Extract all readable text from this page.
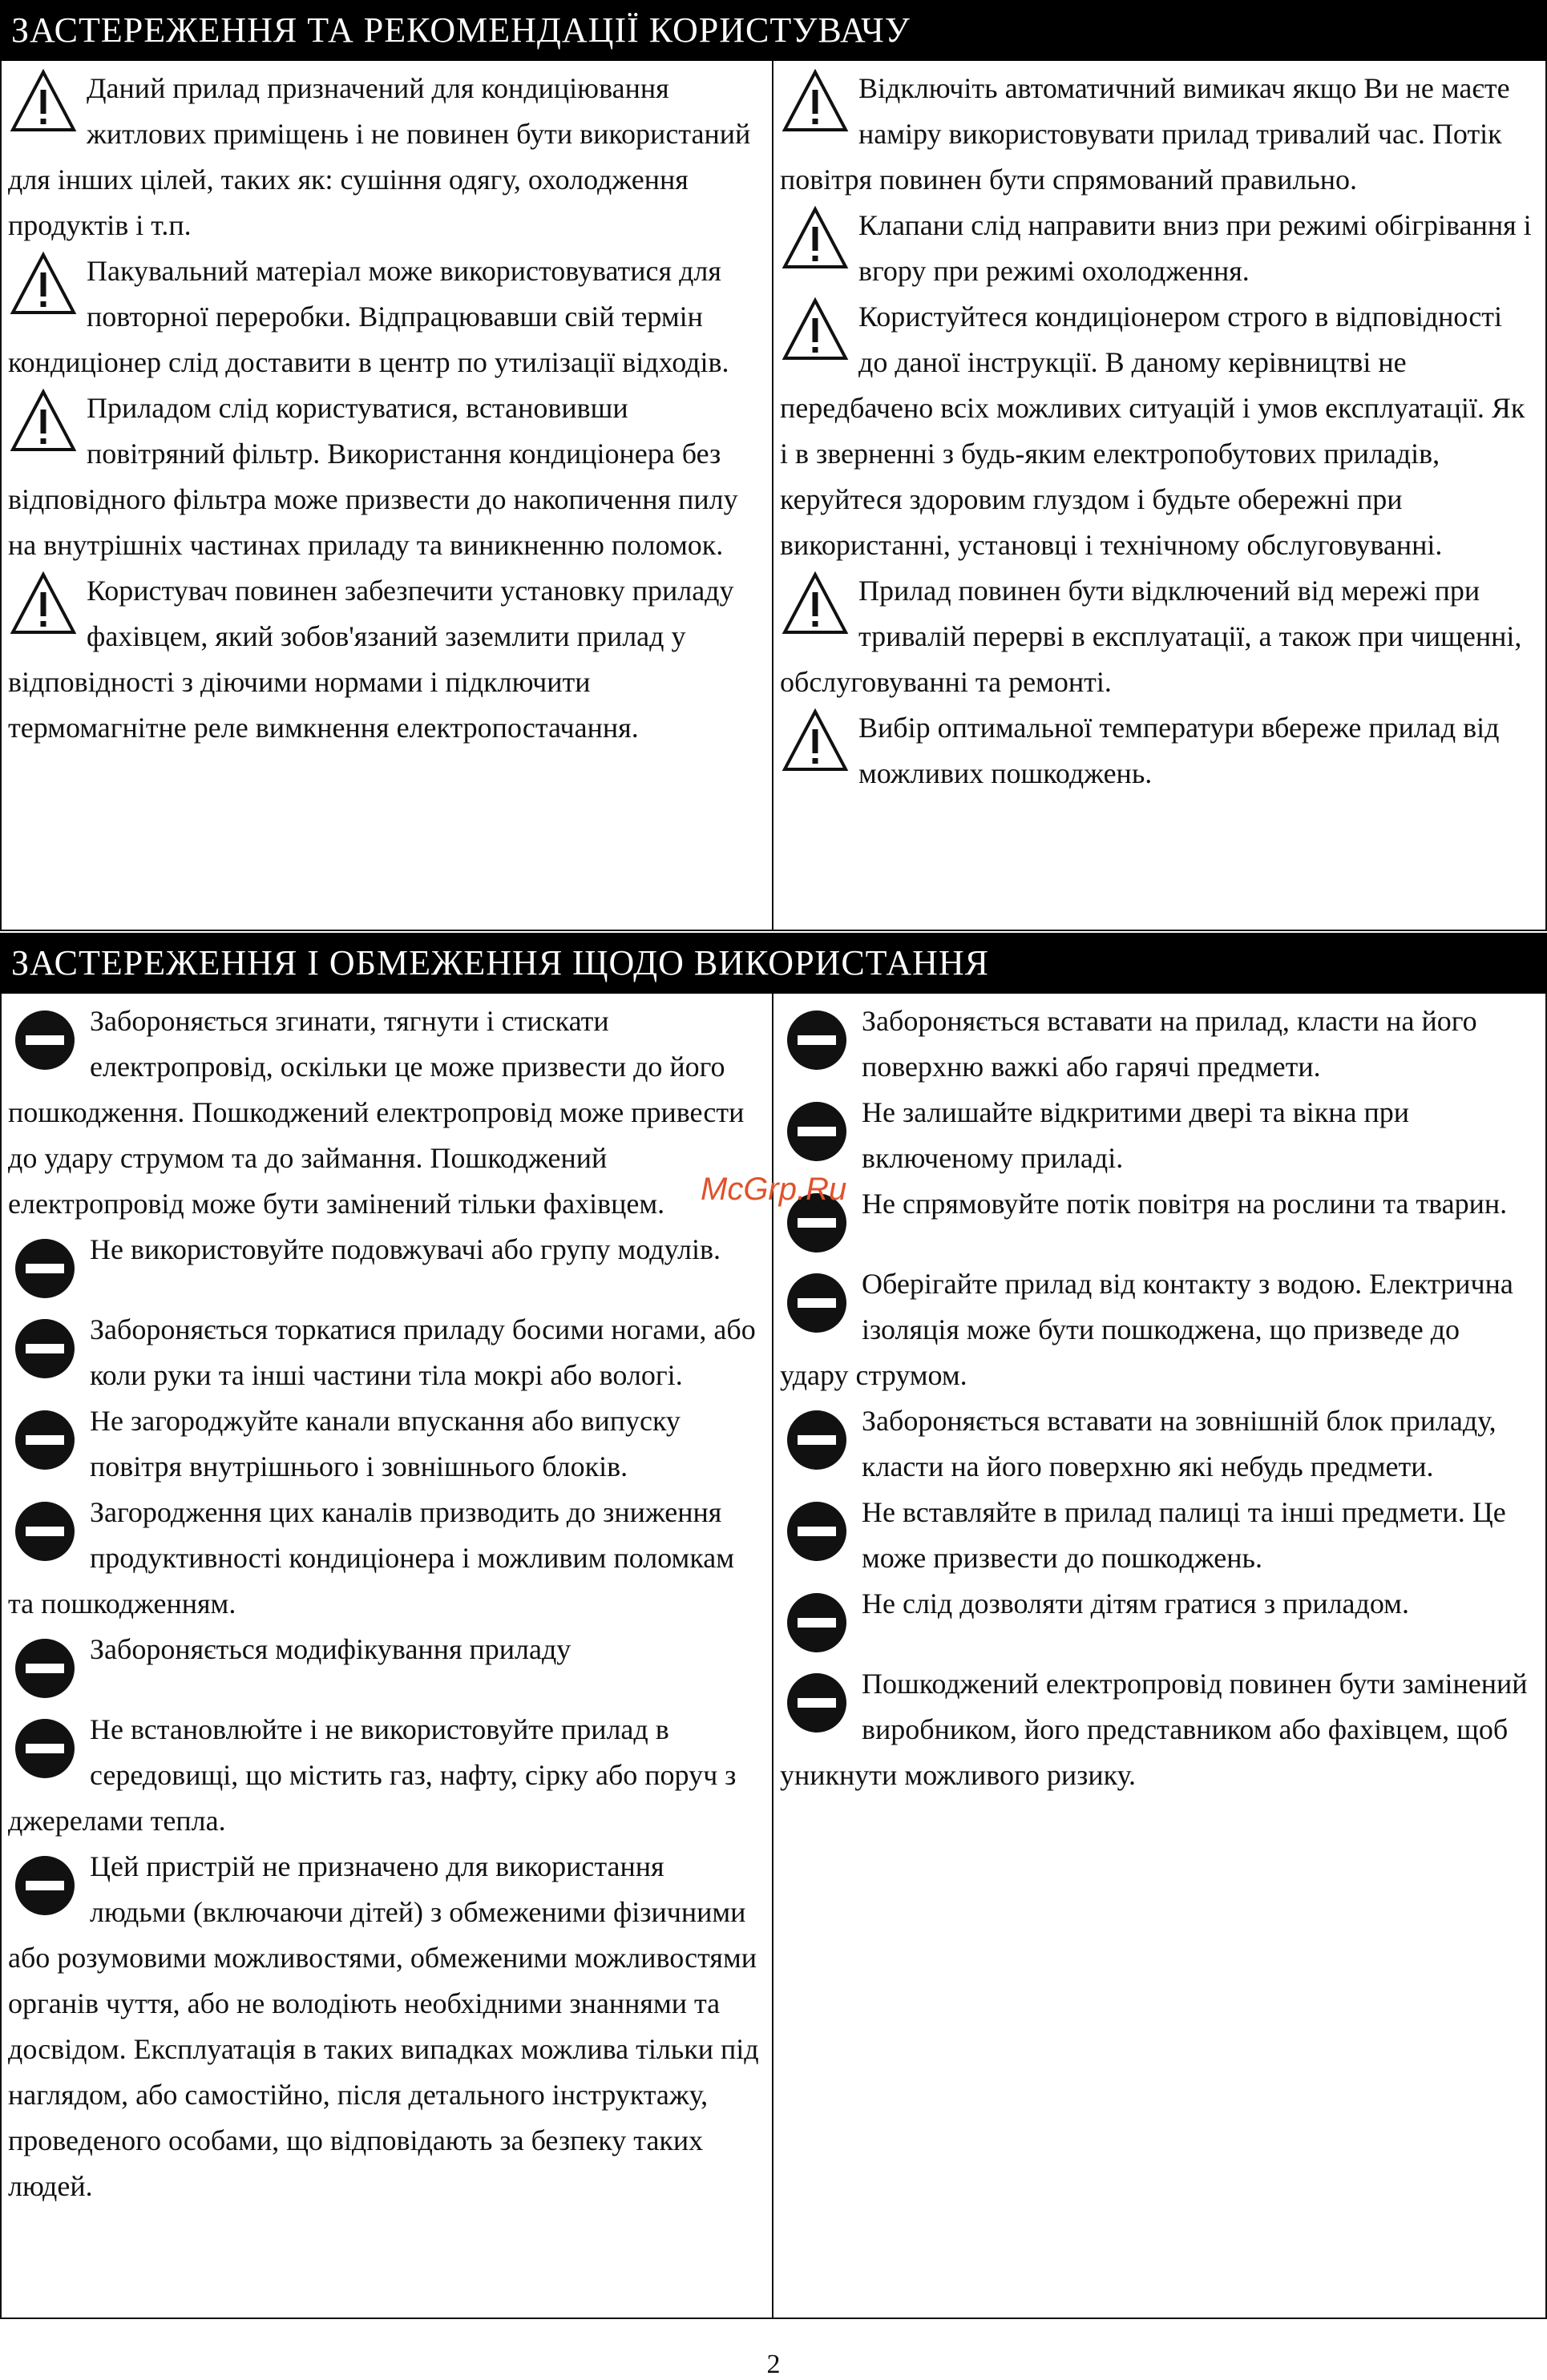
ЗАСТЕРЕЖЕННЯ ТА РЕКОМЕНДАЦІЇ КОРИСТУВАЧУ

Даний прилад призначений для кондиціювання житлових приміщень і не повинен бути використаний для інших цілей, таких як: сушіння одягу, охолодження продуктів і т.п.

Пакувальний матеріал може використовуватися для повторної переробки. Відпрацювавши свій термін кондиціонер слід доставити в центр по утилізації відходів.

Приладом слід користуватися, встановивши повітряний фільтр. Використання кондиціонера без відповідного фільтра може призвести до накопичення пилу на внутрішніх частинах приладу та виникненню поломок.

Користувач повинен забезпечити установку приладу фахівцем, який зобов'язаний заземлити прилад у відповідності з діючими нормами і підключити термомагнітне реле вимкнення електропостачання.

Відключіть автоматичний вимикач якщо Ви не маєте наміру використовувати прилад тривалий час. Потік повітря повинен бути спрямований правильно.

Клапани слід направити вниз при режимі обігрівання і вгору при режимі охолодження.

Користуйтеся кондиціонером строго в відповідності до даної інструкції. В даному керівництві не передбачено всіх можливих ситуацій і умов експлуатації. Як і в зверненні з будь-яким електропобутових приладів, керуйтеся здоровим глуздом і будьте обережні при використанні, установці і технічному обслуговуванні.

Прилад повинен бути відключений від мережі при тривалій перерві в експлуатації, а також при чищенні, обслуговуванні та ремонті.

Вибір оптимальної температури вбереже прилад від можливих пошкоджень.

ЗАСТЕРЕЖЕННЯ І ОБМЕЖЕННЯ ЩОДО ВИКОРИСТАННЯ

Забороняється згинати, тягнути і стискати електропровід, оскільки це може призвести до його пошкодження. Пошкоджений електропровід може привести до удару струмом та до займання. Пошкоджений електропровід може бути замінений тільки фахівцем.

Не використовуйте подовжувачі або групу модулів.

Забороняється торкатися приладу босими ногами, або коли руки та інші частини тіла мокрі або вологі.

Не загороджуйте канали впускання або випуску повітря внутрішнього і зовнішнього блоків.

Загородження цих каналів призводить до зниження продуктивності кондиціонера і можливим поломкам та пошкодженням.

Забороняється модифікування приладу

Не встановлюйте і не використовуйте прилад в середовищі, що містить газ, нафту, сірку або поруч з джерелами тепла.

Цей пристрій не призначено для використання людьми (включаючи дітей) з обмеженими фізичними або розумовими можливостями, обмеженими можливостями органів чуття, або не володіють необхідними знаннями та досвідом. Експлуатація в таких випадках можлива тільки під наглядом, або самостійно, після детального інструктажу, проведеного особами, що відповідають за безпеку таких людей.

Забороняється вставати на прилад, класти на його поверхню важкі або гарячі предмети.

Не залишайте відкритими двері та вікна при включеному приладі.

Не спрямовуйте потік повітря на рослини та тварин.

Оберігайте прилад від контакту з водою. Електрична ізоляція може бути пошкоджена, що призведе до удару струмом.

Забороняється вставати на зовнішній блок приладу, класти на його поверхню які небудь предмети.

Не вставляйте в прилад палиці та інші предмети. Це може призвести до пошкоджень.

Не слід дозволяти дітям гратися з приладом.

Пошкоджений електропровід повинен бути замінений виробником, його представником або фахівцем, щоб уникнути можливого ризику.

McGrp.Ru
2
